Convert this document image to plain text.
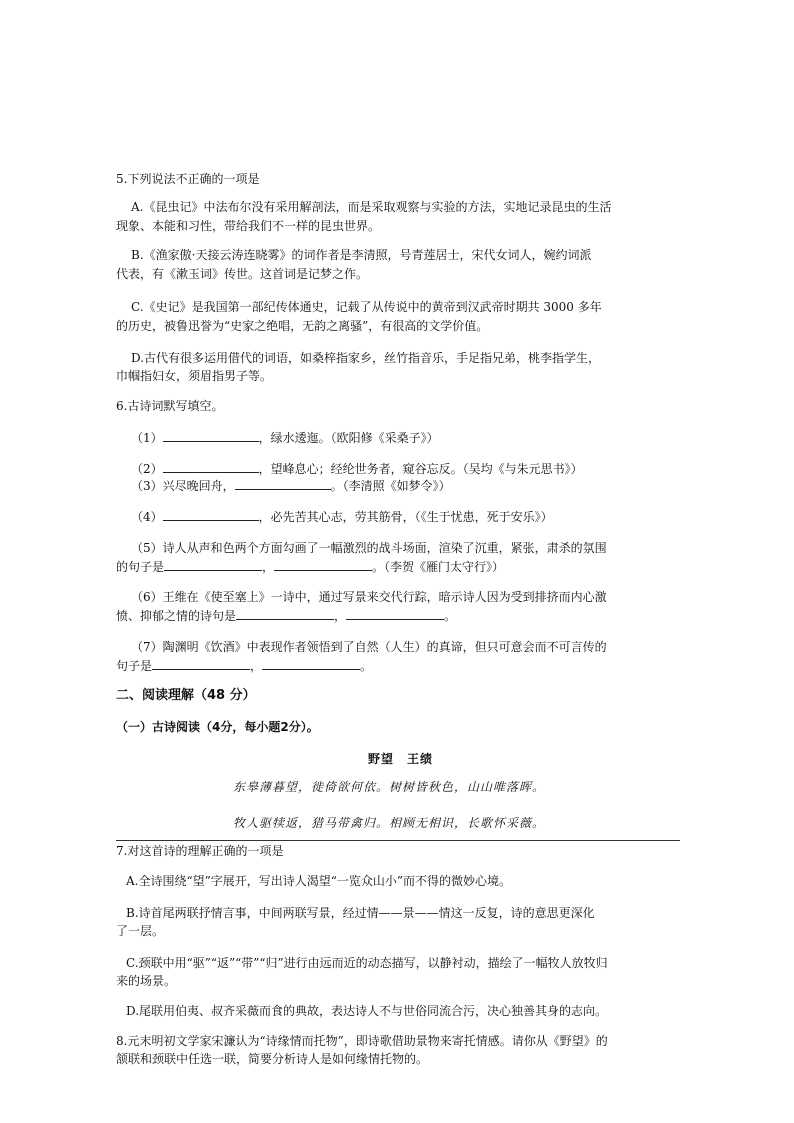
5.下列说法不正确的一项是
A.《昆虫记》中法布尔没有采用解剖法，而是采取观察与实验的方法，实地记录昆虫的生活
现象、本能和习性，带给我们不一样的昆虫世界。
B.《渔家傲·天接云涛连晓雾》的词作者是李清照，号青莲居士，宋代女词人，婉约词派
代表，有《漱玉词》传世。这首词是记梦之作。
C.《史记》是我国第一部纪传体通史，记载了从传说中的黄帝到汉武帝时期共 3000 多年
的历史，被鲁迅誉为“史家之绝唱，无韵之离骚”，有很高的文学价值。
D.古代有很多运用借代的词语，如桑梓指家乡，丝竹指音乐，手足指兄弟，桃李指学生，
巾帼指妇女，须眉指男子等。
6.古诗词默写填空。
（1）	，绿水逶迤。（欧阳修《采桑子》）
（2）	，望峰息心；经纶世务者，窥谷忘反。（吴均《与朱元思书》）
（3）兴尽晚回舟，	。（李清照《如梦令》）
（4）	，必先苦其心志，劳其筋骨，（《生于忧患，死于安乐》）
（5）诗人从声和色两个方面勾画了一幅激烈的战斗场面，渲染了沉重，紧张，肃杀的氛围
的句子是	，	。（李贺《雁门太守行》）
（6）王维在《使至塞上》一诗中，通过写景来交代行踪，暗示诗人因为受到排挤而内心激
愤、抑郁之情的诗句是	，	。
（7）陶渊明《饮酒》中表现作者领悟到了自然（人生）的真谛，但只可意会而不可言传的
句子是	，	。
二、阅读理解（48 分）
（一）古诗阅读（4分，每小题2分）。
野望　王绩
东皋薄暮望，徙倚欲何依。树树皆秋色，山山唯落晖。
牧人驱犊返，猎马带禽归。相顾无相识，长歌怀采薇。
7.对这首诗的理解正确的一项是
A.全诗围绕“望”字展开，写出诗人渴望“一览众山小”而不得的微妙心境。
B.诗首尾两联抒情言事，中间两联写景，经过情——景——情这一反复，诗的意思更深化
了一层。
C.颈联中用“驱”“返”“带”“归”进行由远而近的动态描写，以静衬动，描绘了一幅牧人放牧归
来的场景。
D.尾联用伯夷、叔齐采薇而食的典故，表达诗人不与世俗同流合污，决心独善其身的志向。
8.元末明初文学家宋濂认为“诗缘情而托物”，即诗歌借助景物来寄托情感。请你从《野望》的
颔联和颈联中任选一联，简要分析诗人是如何缘情托物的。
